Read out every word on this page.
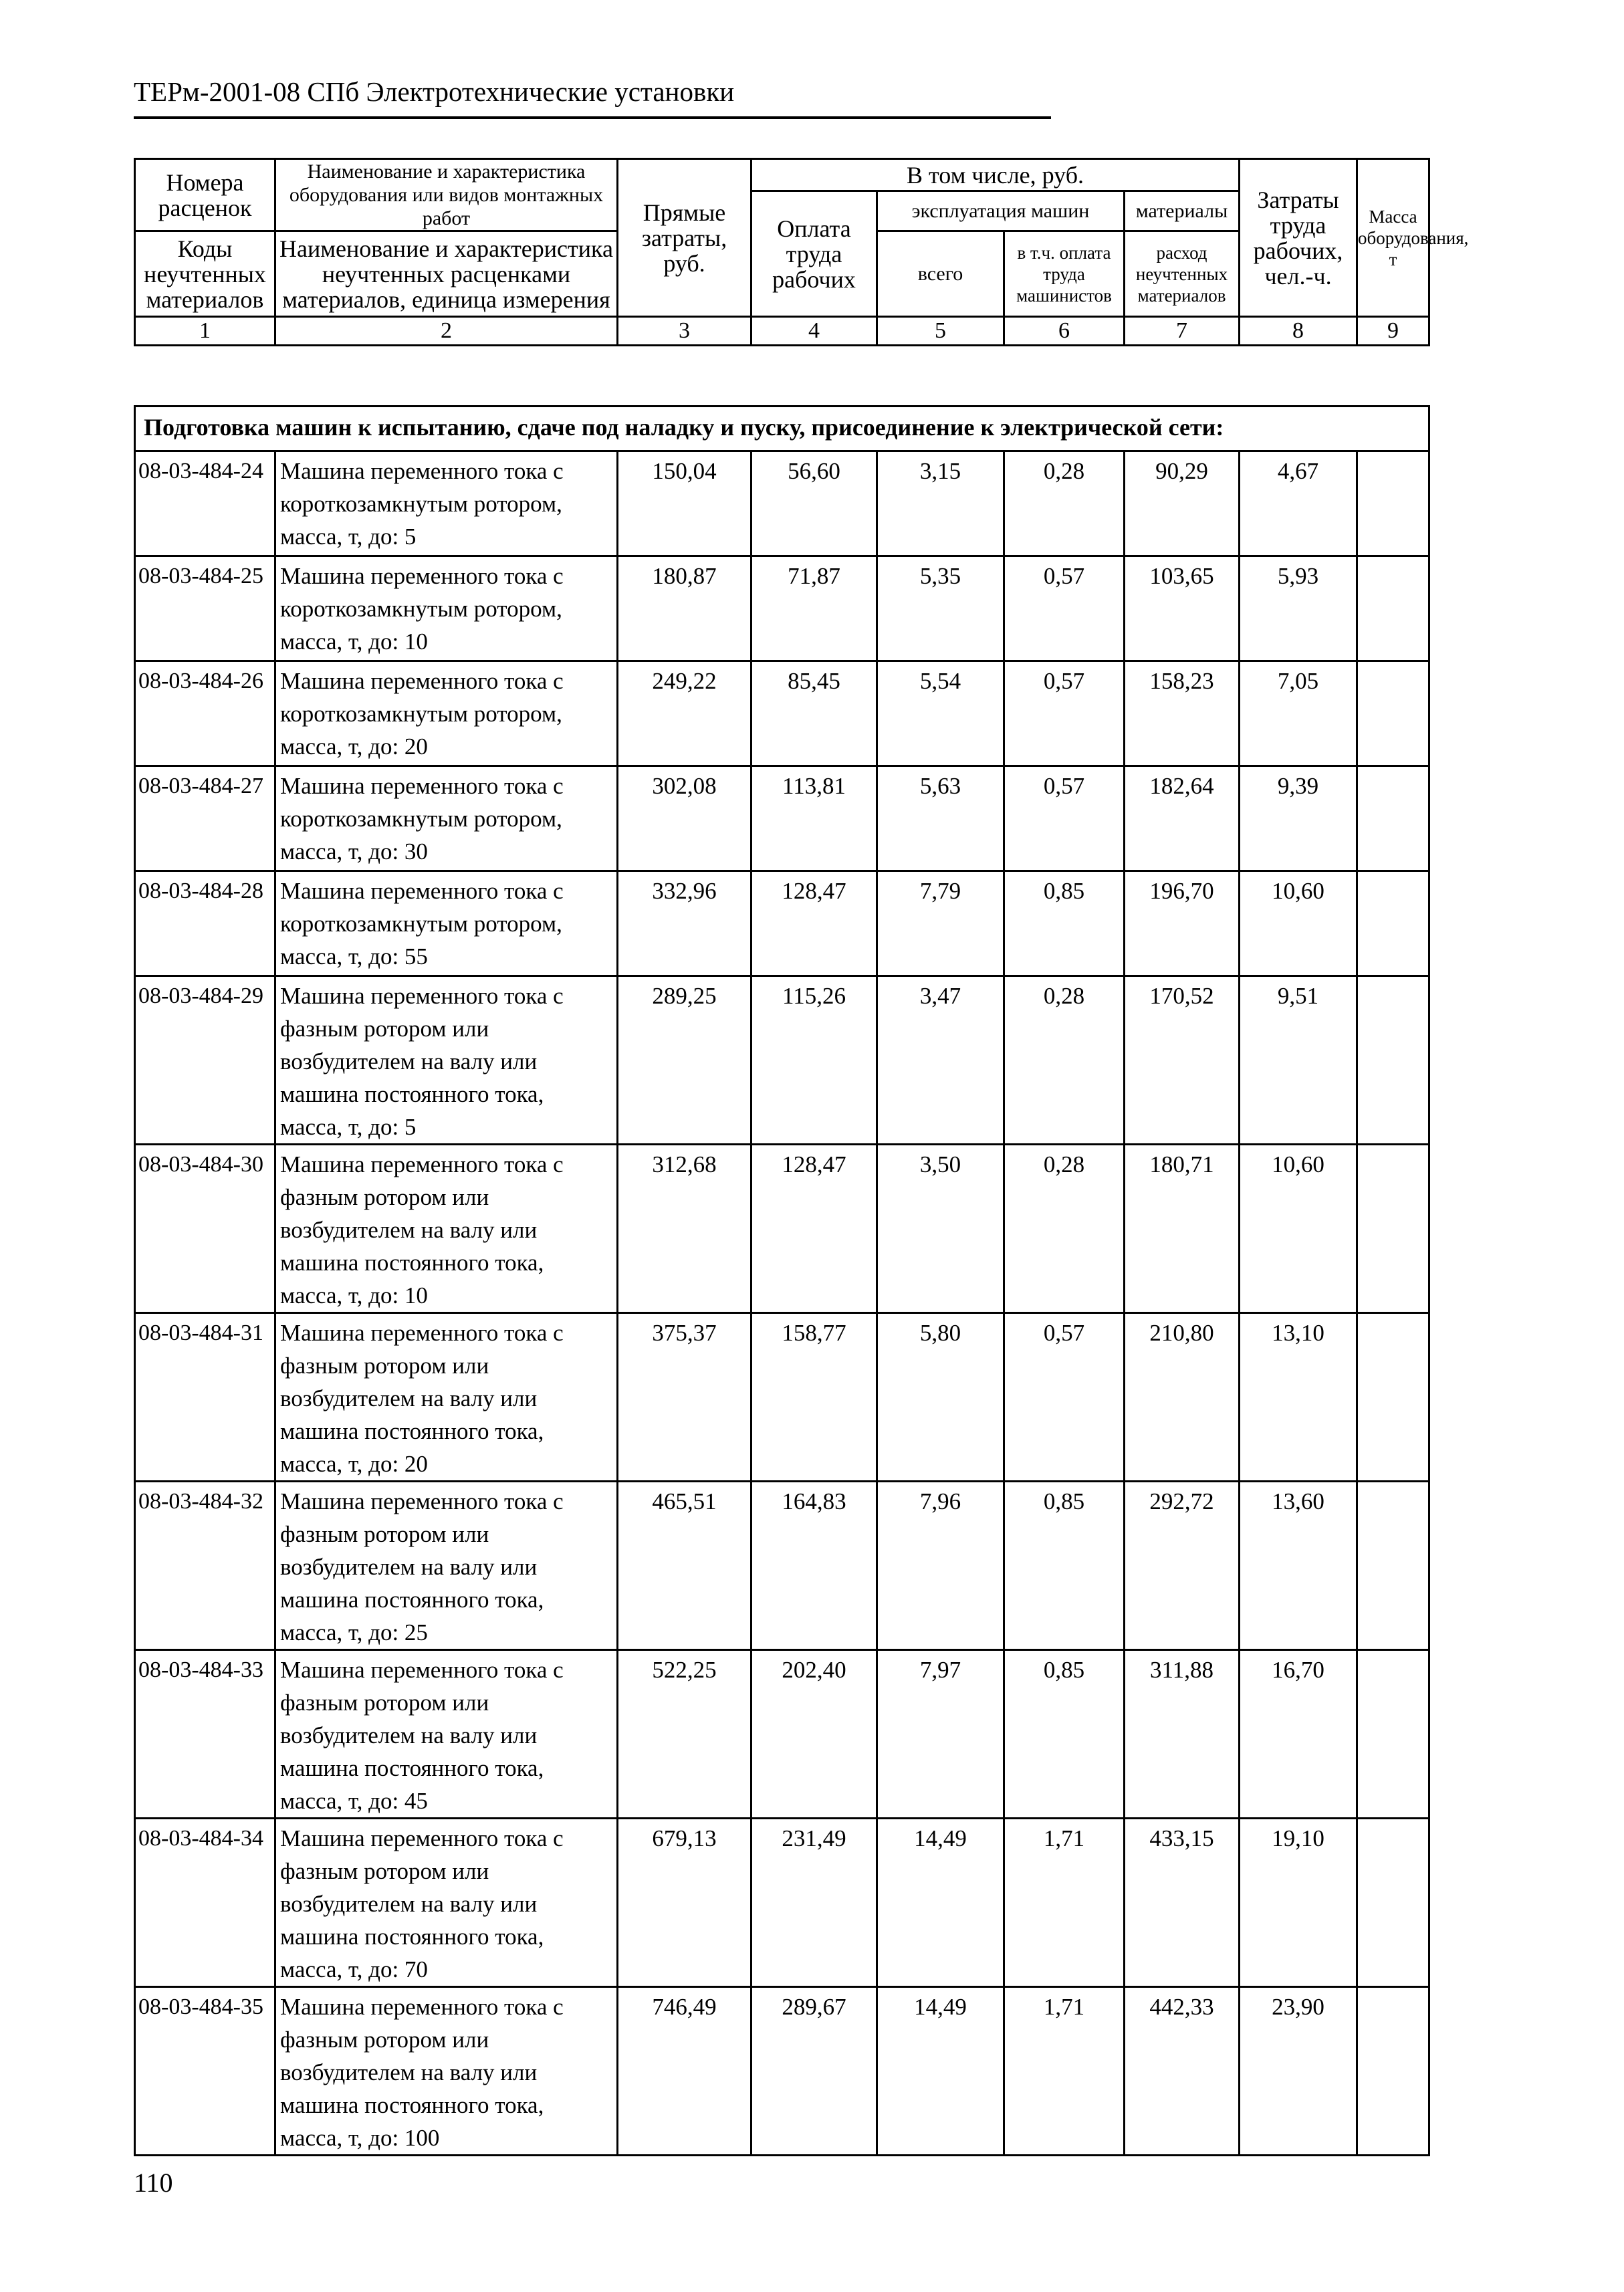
ТЕРм-2001-08 СПб Электротехнические установки
Номера расценок	Наименование и характеристика оборудования или видов монтажных работ	Прямые затраты, руб.	В том числе, руб.				Затраты труда рабочих, чел.-ч.	Масса оборудования, т
			Оплата труда рабочих	эксплуатация машин		материалы		
Коды неучтенных материалов	Наименование и характеристика неучтенных расценками материалов, единица измерения			всего	в т.ч. оплата труда машинистов	расход неучтенных материалов		

1	2	3	4	5	6	7	8	9
Подготовка машин к испытанию, сдаче под наладку и пуску, присоединение к электрической сети:								
08-03-484-24	Машина переменного тока с
короткозамкнутым ротором,
масса, т, до: 5	150,04	56,60	3,15	0,28	90,29	4,67	
08-03-484-25	Машина переменного тока с
короткозамкнутым ротором,
масса, т, до: 10	180,87	71,87	5,35	0,57	103,65	5,93	
08-03-484-26	Машина переменного тока с
короткозамкнутым ротором,
масса, т, до: 20	249,22	85,45	5,54	0,57	158,23	7,05	
08-03-484-27	Машина переменного тока с
короткозамкнутым ротором,
масса, т, до: 30	302,08	113,81	5,63	0,57	182,64	9,39	
08-03-484-28	Машина переменного тока с
короткозамкнутым ротором,
масса, т, до: 55	332,96	128,47	7,79	0,85	196,70	10,60	
08-03-484-29	Машина переменного тока с
фазным ротором или
возбудителем на валу или
машина постоянного тока,
масса, т, до: 5	289,25	115,26	3,47	0,28	170,52	9,51	
08-03-484-30	Машина переменного тока с
фазным ротором или
возбудителем на валу или
машина постоянного тока,
масса, т, до: 10	312,68	128,47	3,50	0,28	180,71	10,60	
08-03-484-31	Машина переменного тока с
фазным ротором или
возбудителем на валу или
машина постоянного тока,
масса, т, до: 20	375,37	158,77	5,80	0,57	210,80	13,10	
08-03-484-32	Машина переменного тока с
фазным ротором или
возбудителем на валу или
машина постоянного тока,
масса, т, до: 25	465,51	164,83	7,96	0,85	292,72	13,60	
08-03-484-33	Машина переменного тока с
фазным ротором или
возбудителем на валу или
машина постоянного тока,
масса, т, до: 45	522,25	202,40	7,97	0,85	311,88	16,70	
08-03-484-34	Машина переменного тока с
фазным ротором или
возбудителем на валу или
машина постоянного тока,
масса, т, до: 70	679,13	231,49	14,49	1,71	433,15	19,10	
08-03-484-35	Машина переменного тока с
фазным ротором или
возбудителем на валу или
машина постоянного тока,
масса, т, до: 100	746,49	289,67	14,49	1,71	442,33	23,90	
110
